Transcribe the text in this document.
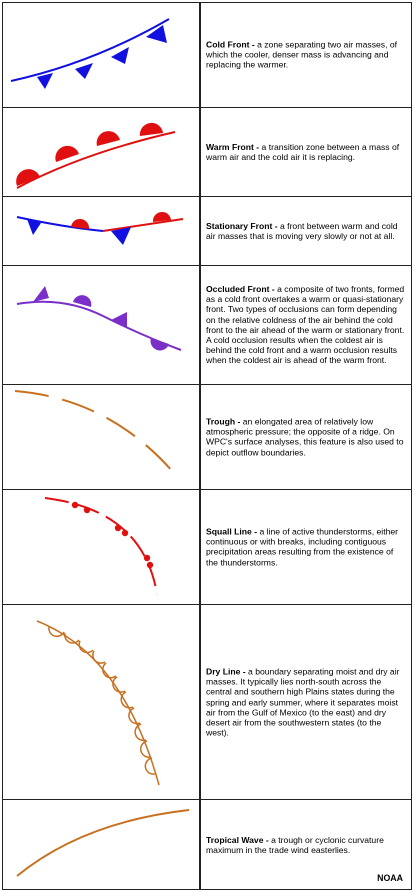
Cold Front - a zone separating two air masses, of which the cooler, denser mass is advancing and replacing the warmer.
Warm Front - a transition zone between a mass of warm air and the cold air it is replacing.
Stationary Front - a front between warm and cold air masses that is moving very slowly or not at all.
Occluded Front - a composite of two fronts, formed as a cold front overtakes a warm or quasi-stationary front. Two types of occlusions can form depending on the relative coldness of the air behind the cold front to the air ahead of the warm or stationary front. A cold occlusion results when the coldest air is behind the cold front and a warm occlusion results when the coldest air is ahead of the warm front.
Trough - an elongated area of relatively low atmospheric pressure; the opposite of a ridge. On WPC's surface analyses, this feature is also used to depict outflow boundaries.
Squall Line - a line of active thunderstorms, either continuous or with breaks, including contiguous precipitation areas resulting from the existence of the thunderstorms.
Dry Line - a boundary separating moist and dry air masses. It typically lies north-south across the central and southern high Plains states during the spring and early summer, where it separates moist air from the Gulf of Mexico (to the east) and dry desert air from the southwestern states (to the west).
Tropical Wave - a trough or cyclonic curvature maximum in the trade wind easterlies.
NOAA
